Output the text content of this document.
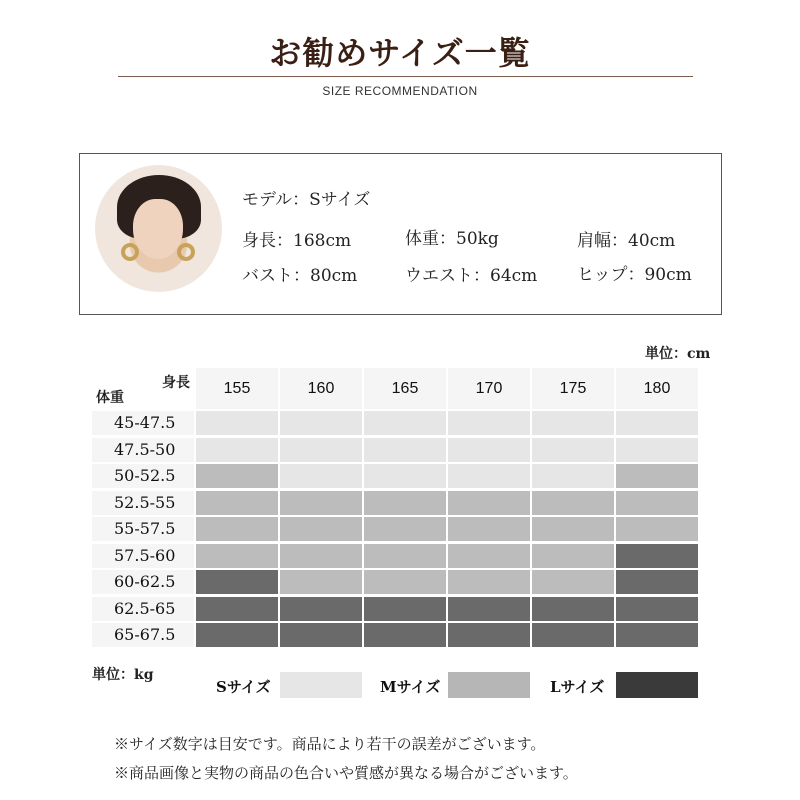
お勧めサイズ一覧
SIZE RECOMMENDATION
モデル：Sサイズ
身長：168cm	体重：50kg	肩幅：40cm
バスト：80cm	ウエスト：64cm ヒップ：90cm
単位：cm
身長
体重
155	160	165	170	175	180
45-47.5
47.5-50
50-52.5
52.5-55
55-57.5
57.5-60
60-62.5
62.5-65
65-67.5
単位：kg
Sサイズ	Mサイズ	Lサイズ
※サイズ数字は目安です。商品により若干の誤差がございます。
※商品画像と実物の商品の色合いや質感が異なる場合がございます。
